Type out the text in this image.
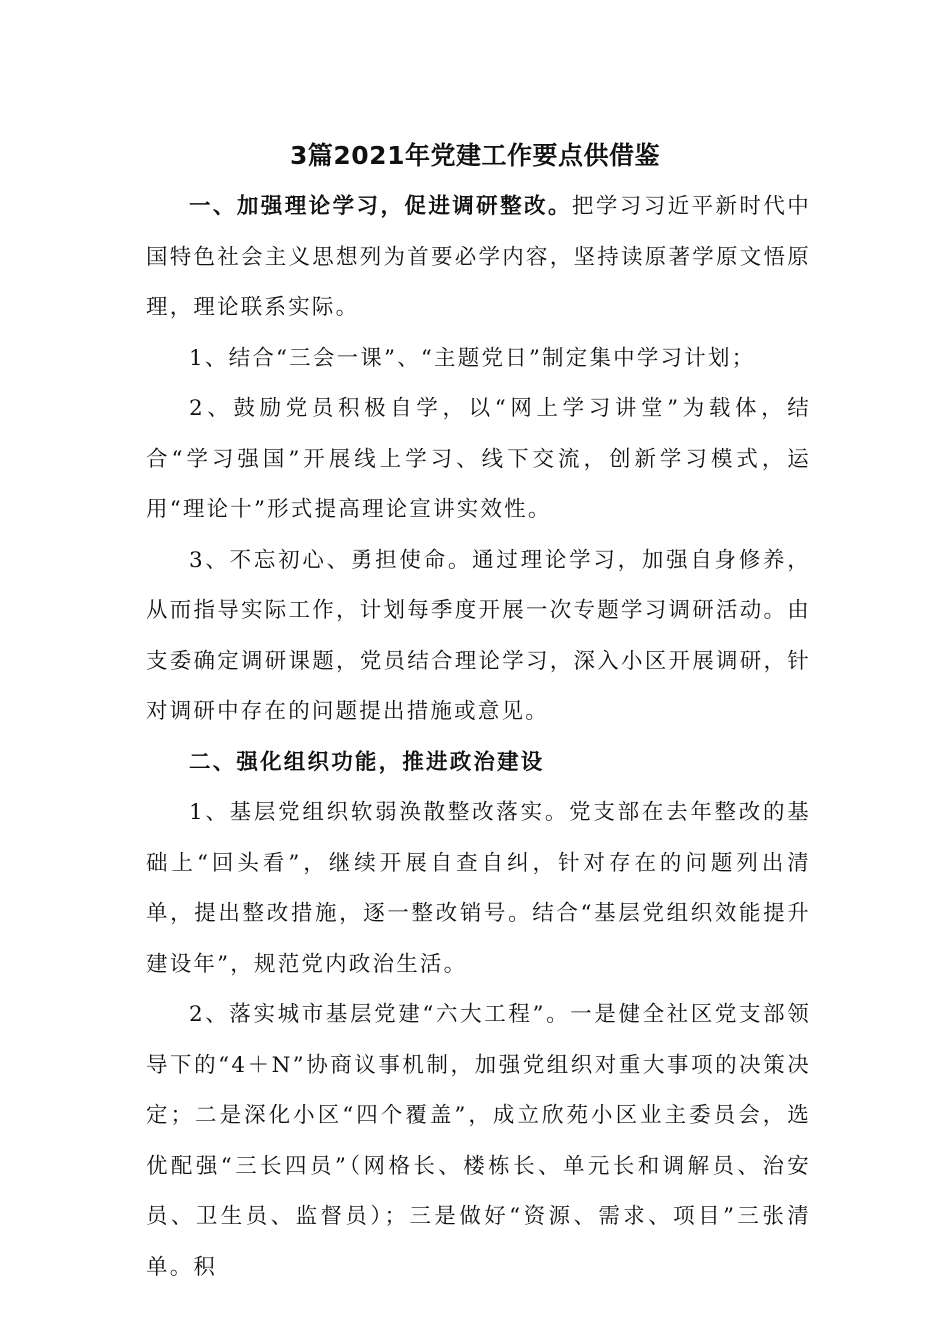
3篇2021年党建工作要点供借鉴

一、加强理论学习，促进调研整改。把学习习近平新时代中国特色社会主义思想列为首要必学内容，坚持读原著学原文悟原理，理论联系实际。

1、结合“三会一课”、“主题党日”制定集中学习计划；

2、鼓励党员积极自学，以“网上学习讲堂”为载体，结合“学习强国”开展线上学习、线下交流，创新学习模式，运用“理论十”形式提高理论宣讲实效性。

3、不忘初心、勇担使命。通过理论学习，加强自身修养，从而指导实际工作，计划每季度开展一次专题学习调研活动。由支委确定调研课题，党员结合理论学习，深入小区开展调研，针对调研中存在的问题提出措施或意见。

二、强化组织功能，推进政治建设

1、基层党组织软弱涣散整改落实。党支部在去年整改的基础上“回头看”，继续开展自查自纠，针对存在的问题列出清单，提出整改措施，逐一整改销号。结合“基层党组织效能提升建设年”，规范党内政治生活。

2、落实城市基层党建“六大工程”。一是健全社区党支部领导下的“4＋N”协商议事机制，加强党组织对重大事项的决策决定；二是深化小区“四个覆盖”，成立欣苑小区业主委员会，选优配强“三长四员”（网格长、楼栋长、单元长和调解员、治安员、卫生员、监督员）；三是做好“资源、需求、项目”三张清单。积
